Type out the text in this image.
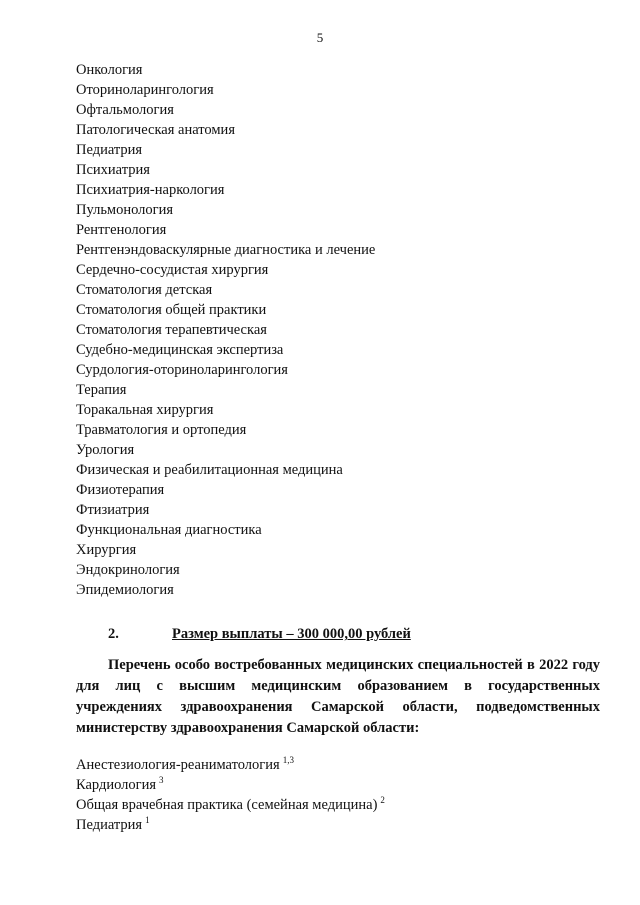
5
Онкология
Оториноларингология
Офтальмология
Патологическая анатомия
Педиатрия
Психиатрия
Психиатрия-наркология
Пульмонология
Рентгенология
Рентгенэндоваскулярные диагностика и лечение
Сердечно-сосудистая хирургия
Стоматология детская
Стоматология общей практики
Стоматология терапевтическая
Судебно-медицинская экспертиза
Сурдология-оториноларингология
Терапия
Торакальная хирургия
Травматология и ортопедия
Урология
Физическая и реабилитационная медицина
Физиотерапия
Фтизиатрия
Функциональная диагностика
Хирургия
Эндокринология
Эпидемиология
2.	Размер выплаты – 300 000,00 рублей

Перечень особо востребованных медицинских специальностей в 2022 году для лиц с высшим медицинским образованием в государственных учреждениях здравоохранения Самарской области, подведомственных министерству здравоохранения Самарской области:

Анестезиология-реаниматология $^{1,3}$
Кардиология $^3$
Общая врачебная практика (семейная медицина) $^2$
Педиатрия $^1$
